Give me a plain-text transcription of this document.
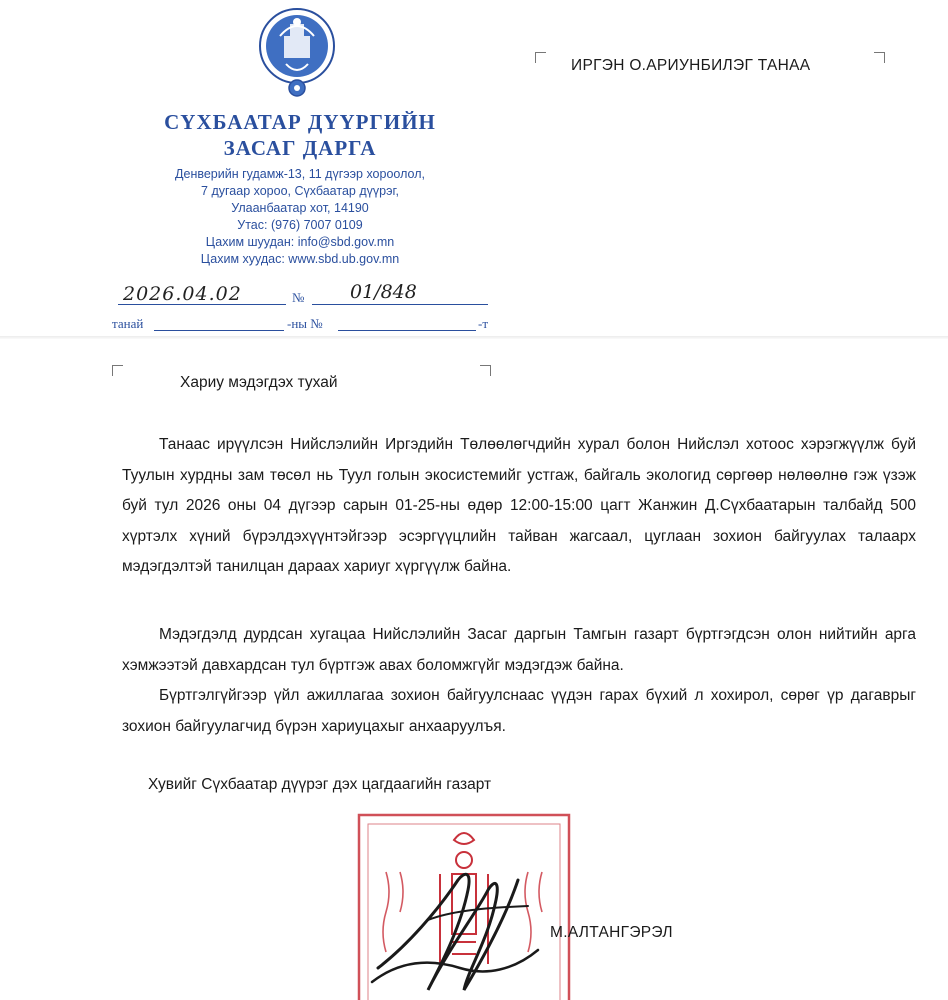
СҮХБААТАР ДҮҮРГИЙН
ЗАСАГ ДАРГА
Денверийн гудамж-13, 11 дүгээр хороолол,
7 дугаар хороо, Сүхбаатар дүүрэг,
Улаанбаатар хот, 14190
Утас: (976) 7007 0109
Цахим шуудан: info@sbd.gov.mn
Цахим хуудас: www.sbd.ub.gov.mn
ИРГЭН О.АРИУНБИЛЭГ ТАНАА
2026.04.02	№ 01/848
танай	-ны №	-т
Хариу мэдэгдэх тухай
Танаас ирүүлсэн Нийслэлийн Иргэдийн Төлөөлөгчдийн хурал болон Нийслэл хотоос хэрэгжүүлж буй Туулын хурдны зам төсөл нь Туул голын экосистемийг устгаж, байгаль экологид сөргөөр нөлөөлнө гэж үзэж буй тул 2026 оны 04 дүгээр сарын 01-25-ны өдөр 12:00-15:00 цагт Жанжин Д.Сүхбаатарын талбайд 500 хүртэлх хүний бүрэлдэхүүнтэйгээр эсэргүүцлийн тайван жагсаал, цуглаан зохион байгуулах талаарх мэдэгдэлтэй танилцан дараах хариуг хүргүүлж байна.
Мэдэгдэлд дурдсан хугацаа Нийслэлийн Засаг даргын Тамгын газарт бүртгэгдсэн олон нийтийн арга хэмжээтэй давхардсан тул бүртгэж авах боломжгүйг мэдэгдэж байна.
Бүртгэлгүйгээр үйл ажиллагаа зохион байгуулснаас үүдэн гарах бүхий л хохирол, сөрөг үр дагаврыг зохион байгуулагчид бүрэн хариуцахыг анхааруулъя.
Хувийг Сүхбаатар дүүрэг дэх цагдаагийн газарт
М.АЛТАНГЭРЭЛ
